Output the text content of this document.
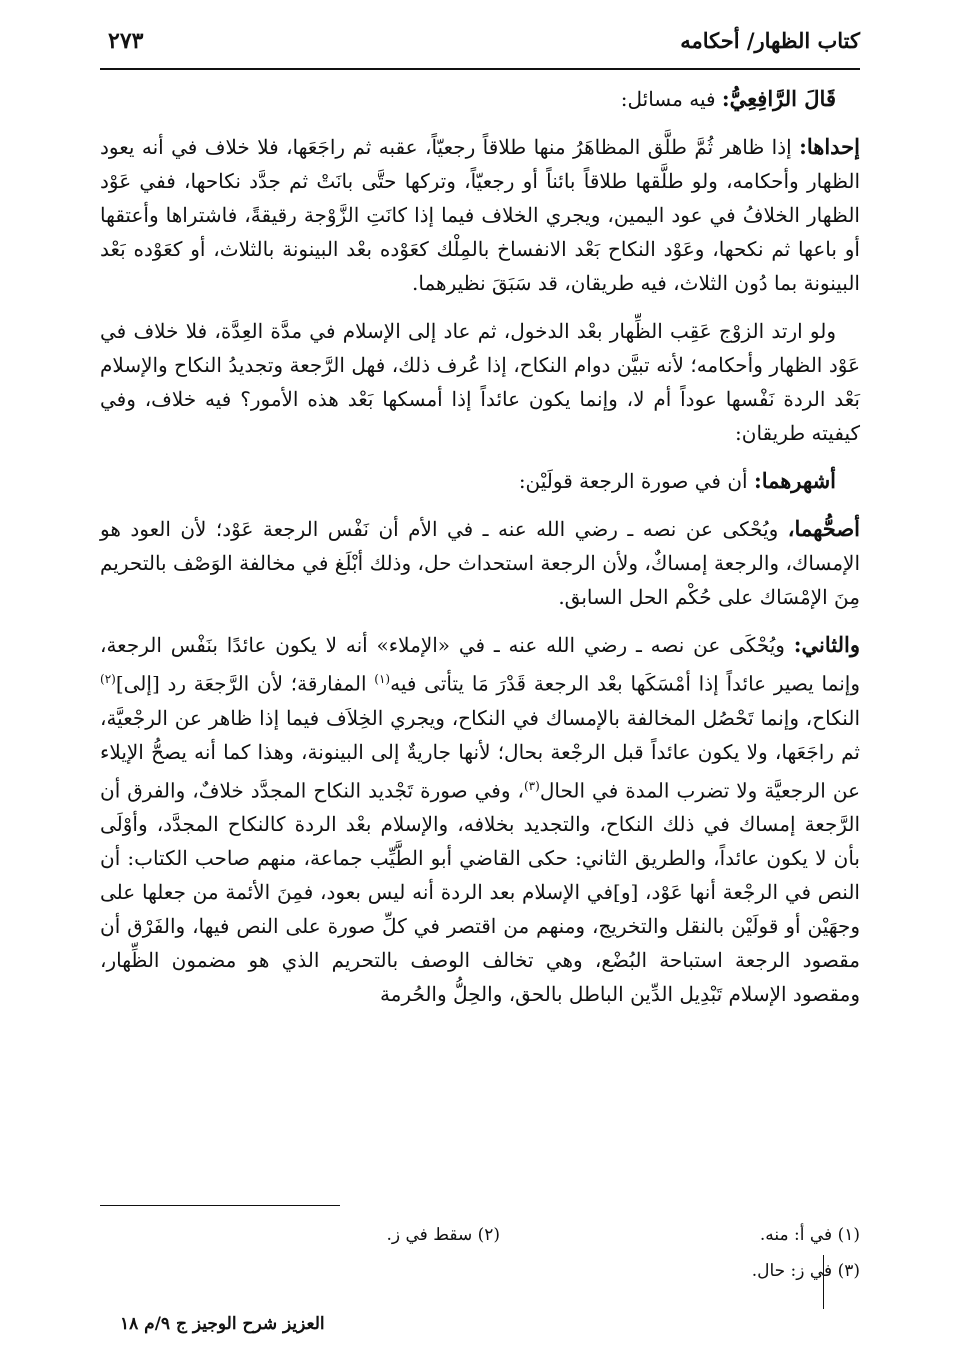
كتاب الظهار/ أحكامه
٢٧٣

قَالَ الرَّافِعِيُّ: فيه مسائل:

إحداها: إذا ظاهر ثُمَّ طلَّق المظاهَرُ منها طلاقاً رجعيّاً، عقبه ثم راجَعَها، فلا خلاف في أنه يعود الظهار وأحكامه، ولو طلَّقها طلاقاً بائناً أو رجعيّاً، وتركها حتَّى بانَتْ ثم جدَّد نكاحها، ففي عَوْد الظهار الخلافُ في عود اليمين، ويجري الخلاف فيما إذا كانَتِ الزَّوْجة رقيقةً، فاشتراها وأعتقها أو باعها ثم نكحها، وعَوْد النكاح بَعْد الانفساخ بالمِلْك كعَوْده بعْد البينونة بالثلاث، أو كعَوْده بَعْد البينونة بما دُون الثلاث، فيه طريقان، قد سَبَقَ نظيرهما.

ولو ارتد الزوْج عَقِب الظِّهار بعْد الدخول، ثم عاد إلى الإسلام في مدَّة العِدَّة، فلا خلاف في عَوْد الظهار وأحكامه؛ لأنه تبيَّن دوام النكاح، إذا عُرف ذلك، فهل الرَّجعة وتجديدُ النكاح والإسلام بَعْد الردة نَفْسها عوداً أم لا، وإنما يكون عائداً إذا أمسكها بَعْد هذه الأمور؟ فيه خلاف، وفي كيفيته طريقان:

أشهرهما: أن في صورة الرجعة قولَيْن:

أصحُّهما، ويُحْكى عن نصه ـ رضي الله عنه ـ في الأم أن نَفْس الرجعة عَوْد؛ لأن العود هو الإمساك، والرجعة إمساكٌ، ولأن الرجعة استحداث حل، وذلك أبْلَغ في مخالفة الوَصْف بالتحريم مِنَ الإمْسَاك على حُكْم الحل السابق.

والثاني: ويُحْكَى عن نصه ـ رضي الله عنه ـ في «الإملاء» أنه لا يكون عائدًا بنَفْس الرجعة، وإنما يصير عائداً إذا أمْسَكَها بعْد الرجعة قَدْرَ مَا يتأتى فيه$^{(١)}$ المفارقة؛ لأن الرَّجعَة رد [إلى]$^{(٢)}$ النكاح، وإنما تَحْصُل المخالفة بالإمساك في النكاح، ويجري الخِلاَف فيما إذا ظاهر عن الرجْعيَّة، ثم راجَعَها، ولا يكون عائداً قبل الرجْعة بحال؛ لأنها جاريةٌ إلى البينونة، وهذا كما أنه يصحُّ الإيلاء عن الرجعيَّة ولا تضرب المدة في الحال$^{(٣)}$، وفي صورة تَجْديد النكاح المجدَّد خلافٌ، والفرق أن الرَّجعة إمساك في ذلك النكاح، والتجديد بخلافه، والإسلام بعْد الردة كالنكاح المجدَّد، وأوْلَى بأن لا يكون عائداً، والطريق الثاني: حكى القاضي أبو الطَّيِّب جماعة، منهم صاحب الكتاب: أن النص في الرجْعة أنها عَوْد، [و]في الإسلام بعد الردة أنه ليس بعود، فمِنَ الأئمة من جعلها على وجهَيْن أو قولَيْن بالنقل والتخريج، ومنهم من اقتصر في كلِّ صورة على النص فيها، والفَرْق أن مقصود الرجعة استباحة البُضْع، وهي تخالف الوصف بالتحريم الذي هو مضمون الظِّهار، ومقصود الإسلام تَبْدِيل الدِّين الباطل بالحق، والحِلُّ والحُرمة

(١) في أ: منه.
(٢) سقط في ز.
(٣) في ز: حال.
العزيز شرح الوجيز ج ٩/م ١٨
